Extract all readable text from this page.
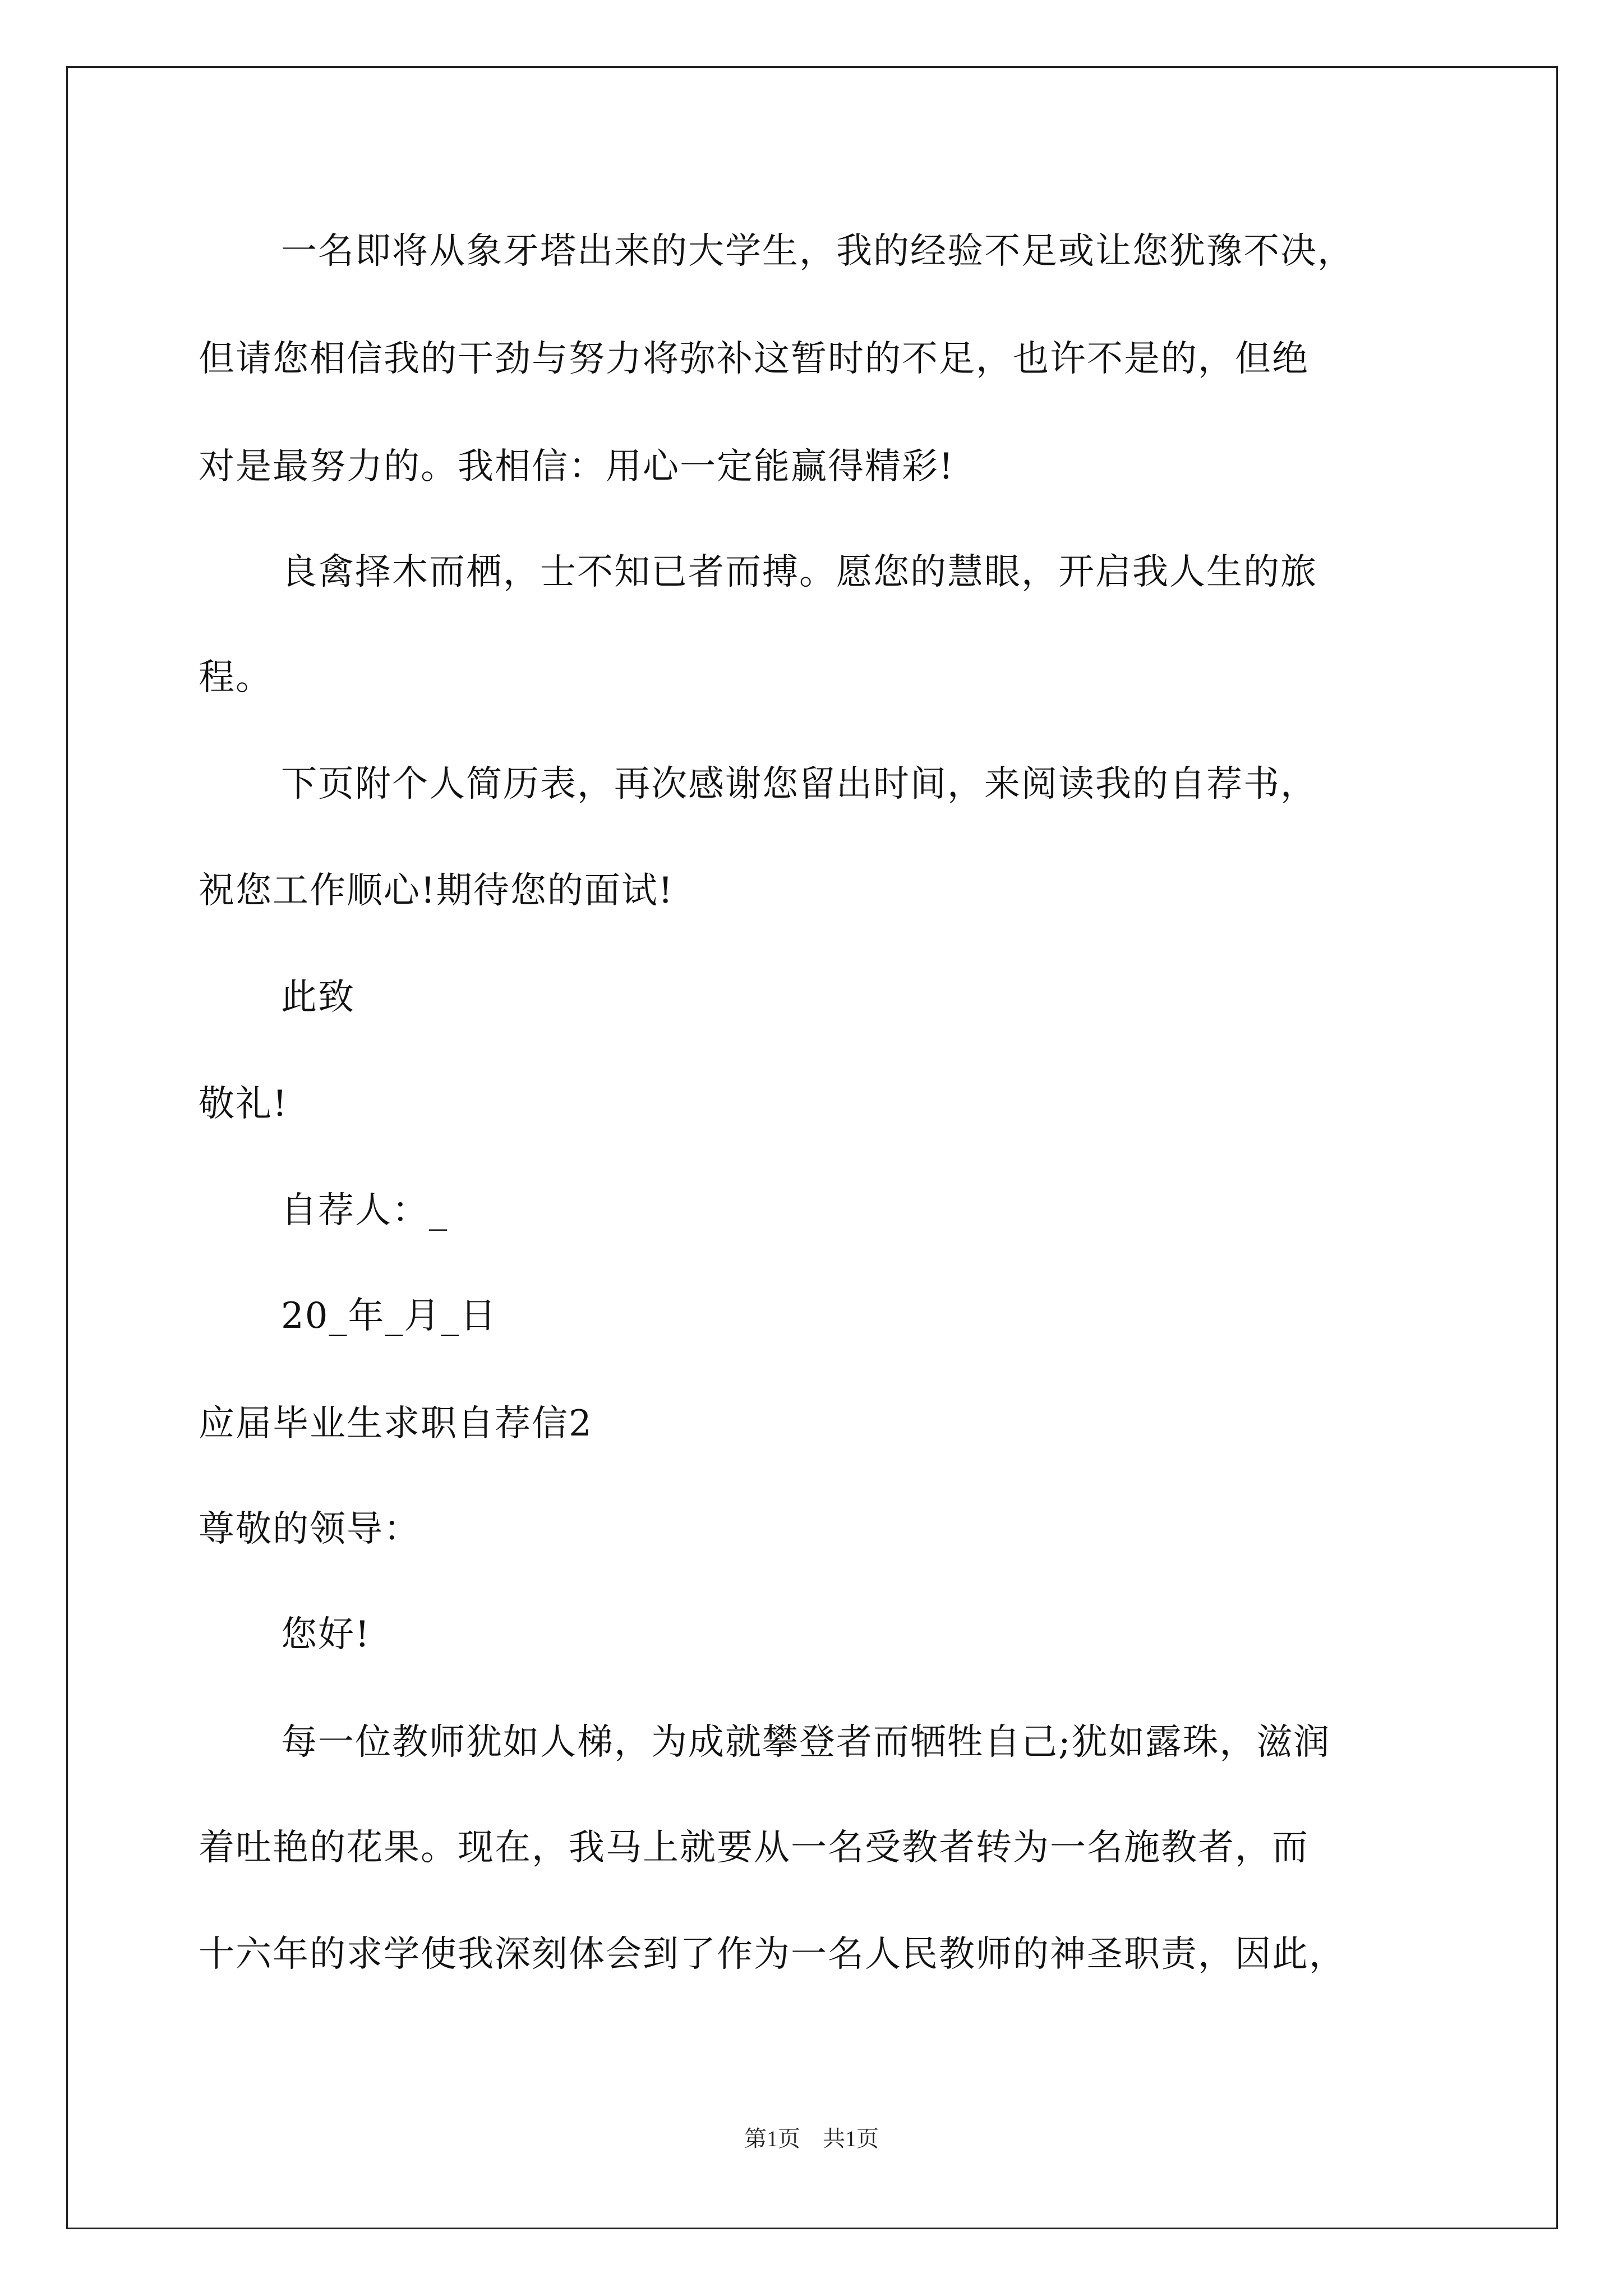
一名即将从象牙塔出来的大学生，我的经验不足或让您犹豫不决，
但请您相信我的干劲与努力将弥补这暂时的不足，也许不是的，但绝
对是最努力的。我相信：用心一定能赢得精彩!
良禽择木而栖，士不知已者而搏。愿您的慧眼，开启我人生的旅
程。
下页附个人简历表，再次感谢您留出时间，来阅读我的自荐书，
祝您工作顺心!期待您的面试!
此致
敬礼!
自荐人：_
20_年_月_日
应届毕业生求职自荐信2
尊敬的领导：
您好!
每一位教师犹如人梯，为成就攀登者而牺牲自己;犹如露珠，滋润
着吐艳的花果。现在，我马上就要从一名受教者转为一名施教者，而
十六年的求学使我深刻体会到了作为一名人民教师的神圣职责，因此，
第1页　共1页
